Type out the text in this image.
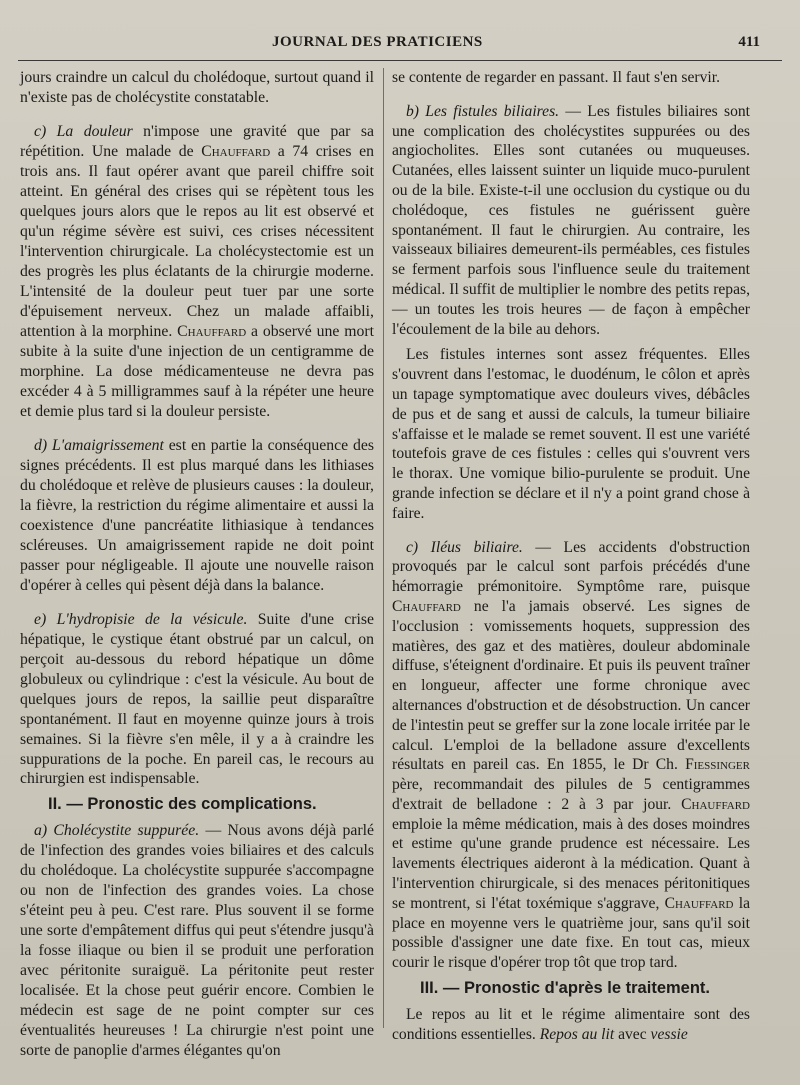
JOURNAL DES PRATICIENS	411

jours craindre un calcul du cholédoque, surtout quand il n'existe pas de cholécystite constatable.

c) La douleur n'impose une gravité que par sa répétition. Une malade de Chauffard a 74 crises en trois ans. Il faut opérer avant que pareil chiffre soit atteint. En général des crises qui se répètent tous les quelques jours alors que le repos au lit est observé et qu'un régime sévère est suivi, ces crises nécessitent l'intervention chirurgicale. La cholécystectomie est un des progrès les plus éclatants de la chirurgie moderne. L'intensité de la douleur peut tuer par une sorte d'épuisement nerveux. Chez un malade affaibli, attention à la morphine. Chauffard a observé une mort subite à la suite d'une injection de un centigramme de morphine. La dose médicamenteuse ne devra pas excéder 4 à 5 milligrammes sauf à la répéter une heure et demie plus tard si la douleur persiste.

d) L'amaigrissement est en partie la conséquence des signes précédents. Il est plus marqué dans les lithiases du cholédoque et relève de plusieurs causes : la douleur, la fièvre, la restriction du régime alimentaire et aussi la coexistence d'une pancréatite lithiasique à tendances scléreuses. Un amaigrissement rapide ne doit point passer pour négligeable. Il ajoute une nouvelle raison d'opérer à celles qui pèsent déjà dans la balance.

e) L'hydropisie de la vésicule. Suite d'une crise hépatique, le cystique étant obstrué par un calcul, on perçoit au-dessous du rebord hépatique un dôme globuleux ou cylindrique : c'est la vésicule. Au bout de quelques jours de repos, la saillie peut disparaître spontanément. Il faut en moyenne quinze jours à trois semaines. Si la fièvre s'en mêle, il y a à craindre les suppurations de la poche. En pareil cas, le recours au chirurgien est indispensable.

II. — Pronostic des complications.

a) Cholécystite suppurée. — Nous avons déjà parlé de l'infection des grandes voies biliaires et des calculs du cholédoque. La cholécystite suppurée s'accompagne ou non de l'infection des grandes voies. La chose s'éteint peu à peu. C'est rare. Plus souvent il se forme une sorte d'empâtement diffus qui peut s'étendre jusqu'à la fosse iliaque ou bien il se produit une perforation avec péritonite suraiguë. La péritonite peut rester localisée. Et la chose peut guérir encore. Combien le médecin est sage de ne point compter sur ces éventualités heureuses ! La chirurgie n'est point une sorte de panoplie d'armes élégantes qu'on

se contente de regarder en passant. Il faut s'en servir.

b) Les fistules biliaires. — Les fistules biliaires sont une complication des cholécystites suppurées ou des angiocholites. Elles sont cutanées ou muqueuses. Cutanées, elles laissent suinter un liquide muco-purulent ou de la bile. Existe-t-il une occlusion du cystique ou du cholédoque, ces fistules ne guérissent guère spontanément. Il faut le chirurgien. Au contraire, les vaisseaux biliaires demeurent-ils perméables, ces fistules se ferment parfois sous l'influence seule du traitement médical. Il suffit de multiplier le nombre des petits repas, — un toutes les trois heures — de façon à empêcher l'écoulement de la bile au dehors.

Les fistules internes sont assez fréquentes. Elles s'ouvrent dans l'estomac, le duodénum, le côlon et après un tapage symptomatique avec douleurs vives, débâcles de pus et de sang et aussi de calculs, la tumeur biliaire s'affaisse et le malade se remet souvent. Il est une variété toutefois grave de ces fistules : celles qui s'ouvrent vers le thorax. Une vomique bilio-purulente se produit. Une grande infection se déclare et il n'y a point grand chose à faire.

c) Iléus biliaire. — Les accidents d'obstruction provoqués par le calcul sont parfois précédés d'une hémorragie prémonitoire. Symptôme rare, puisque Chauffard ne l'a jamais observé. Les signes de l'occlusion : vomissements hoquets, suppression des matières, des gaz et des matières, douleur abdominale diffuse, s'éteignent d'ordinaire. Et puis ils peuvent traîner en longueur, affecter une forme chronique avec alternances d'obstruction et de désobstruction. Un cancer de l'intestin peut se greffer sur la zone locale irritée par le calcul. L'emploi de la belladone assure d'excellents résultats en pareil cas. En 1855, le Dr Ch. Fiessinger père, recommandait des pilules de 5 centigrammes d'extrait de belladone : 2 à 3 par jour. Chauffard emploie la même médication, mais à des doses moindres et estime qu'une grande prudence est nécessaire. Les lavements électriques aideront à la médication. Quant à l'intervention chirurgicale, si des menaces péritonitiques se montrent, si l'état toxémique s'aggrave, Chauffard la place en moyenne vers le quatrième jour, sans qu'il soit possible d'assigner une date fixe. En tout cas, mieux courir le risque d'opérer trop tôt que trop tard.

III. — Pronostic d'après le traitement.

Le repos au lit et le régime alimentaire sont des conditions essentielles. Repos au lit avec vessie
